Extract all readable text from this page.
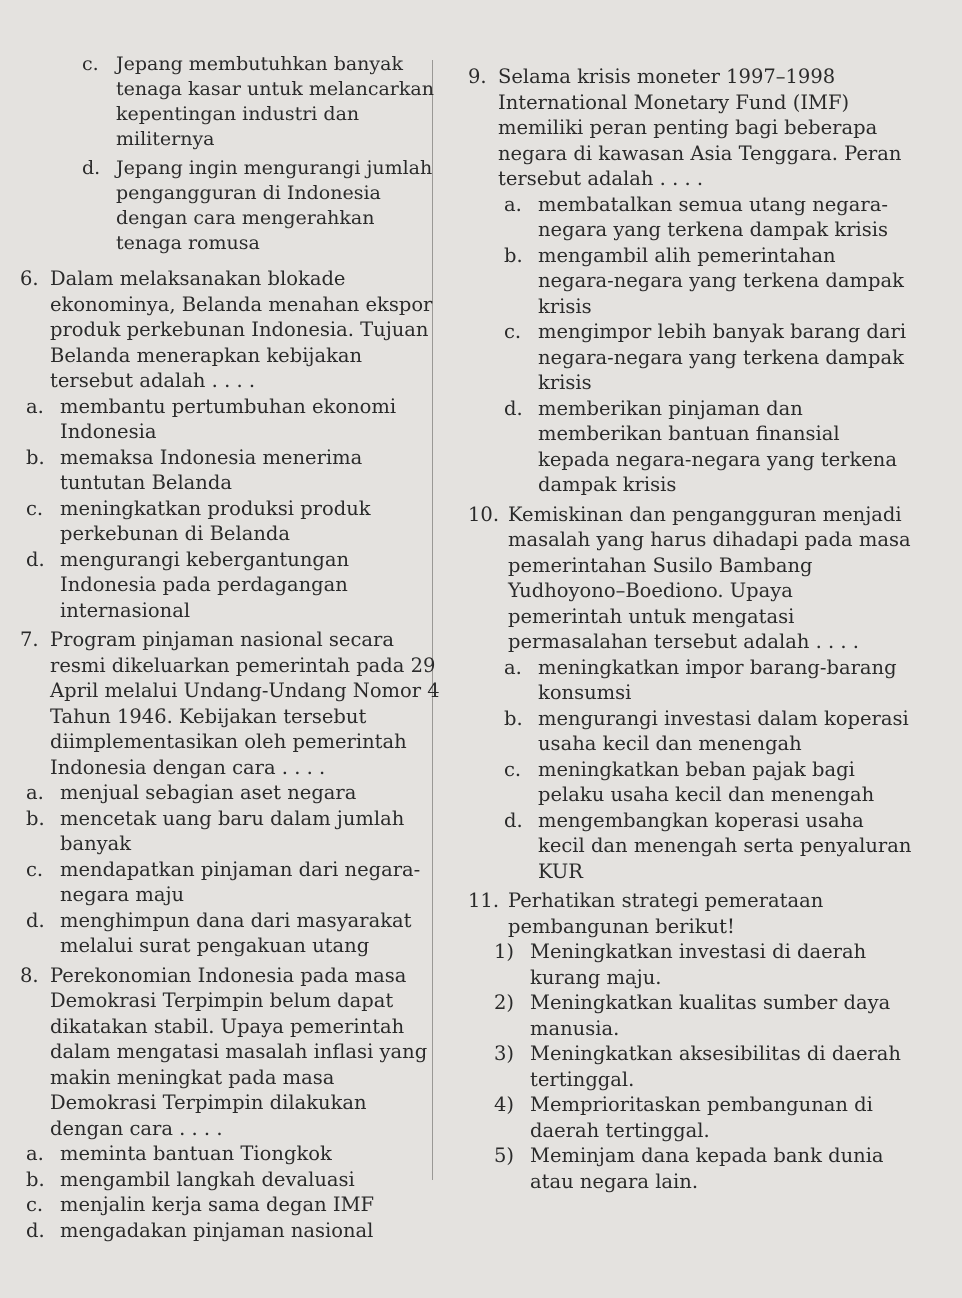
c. Jepang membutuhkan banyak tenaga kasar untuk melancarkan kepentingan industri dan militernya
d. Jepang ingin mengurangi jumlah pengangguran di Indonesia dengan cara mengerahkan tenaga romusa
6. Dalam melaksanakan blokade ekonominya, Belanda menahan ekspor produk perkebunan Indonesia. Tujuan Belanda menerapkan kebijakan tersebut adalah . . . .
a. membantu pertumbuhan ekonomi Indonesia
b. memaksa Indonesia menerima tuntutan Belanda
c. meningkatkan produksi produk perkebunan di Belanda
d. mengurangi kebergantungan Indonesia pada perdagangan internasional
7. Program pinjaman nasional secara resmi dikeluarkan pemerintah pada 29 April melalui Undang-Undang Nomor 4 Tahun 1946. Kebijakan tersebut diimplementasikan oleh pemerintah Indonesia dengan cara . . . .
a. menjual sebagian aset negara
b. mencetak uang baru dalam jumlah banyak
c. mendapatkan pinjaman dari negara-negara maju
d. menghimpun dana dari masyarakat melalui surat pengakuan utang
8. Perekonomian Indonesia pada masa Demokrasi Terpimpin belum dapat dikatakan stabil. Upaya pemerintah dalam mengatasi masalah inflasi yang makin meningkat pada masa Demokrasi Terpimpin dilakukan dengan cara . . . .
a. meminta bantuan Tiongkok
b. mengambil langkah devaluasi
c. menjalin kerja sama degan IMF
d. mengadakan pinjaman nasional
9. Selama krisis moneter 1997–1998 International Monetary Fund (IMF) memiliki peran penting bagi beberapa negara di kawasan Asia Tenggara. Peran tersebut adalah . . . .
a. membatalkan semua utang negara-negara yang terkena dampak krisis
b. mengambil alih pemerintahan negara-negara yang terkena dampak krisis
c. mengimpor lebih banyak barang dari negara-negara yang terkena dampak krisis
d. memberikan pinjaman dan memberikan bantuan finansial kepada negara-negara yang terkena dampak krisis
10. Kemiskinan dan pengangguran menjadi masalah yang harus dihadapi pada masa pemerintahan Susilo Bambang Yudhoyono–Boediono. Upaya pemerintah untuk mengatasi permasalahan tersebut adalah . . . .
a. meningkatkan impor barang-barang konsumsi
b. mengurangi investasi dalam koperasi usaha kecil dan menengah
c. meningkatkan beban pajak bagi pelaku usaha kecil dan menengah
d. mengembangkan koperasi usaha kecil dan menengah serta penyaluran KUR
11. Perhatikan strategi pemerataan pembangunan berikut!
1) Meningkatkan investasi di daerah kurang maju.
2) Meningkatkan kualitas sumber daya manusia.
3) Meningkatkan aksesibilitas di daerah tertinggal.
4) Memprioritaskan pembangunan di daerah tertinggal.
5) Meminjam dana kepada bank dunia atau negara lain.
